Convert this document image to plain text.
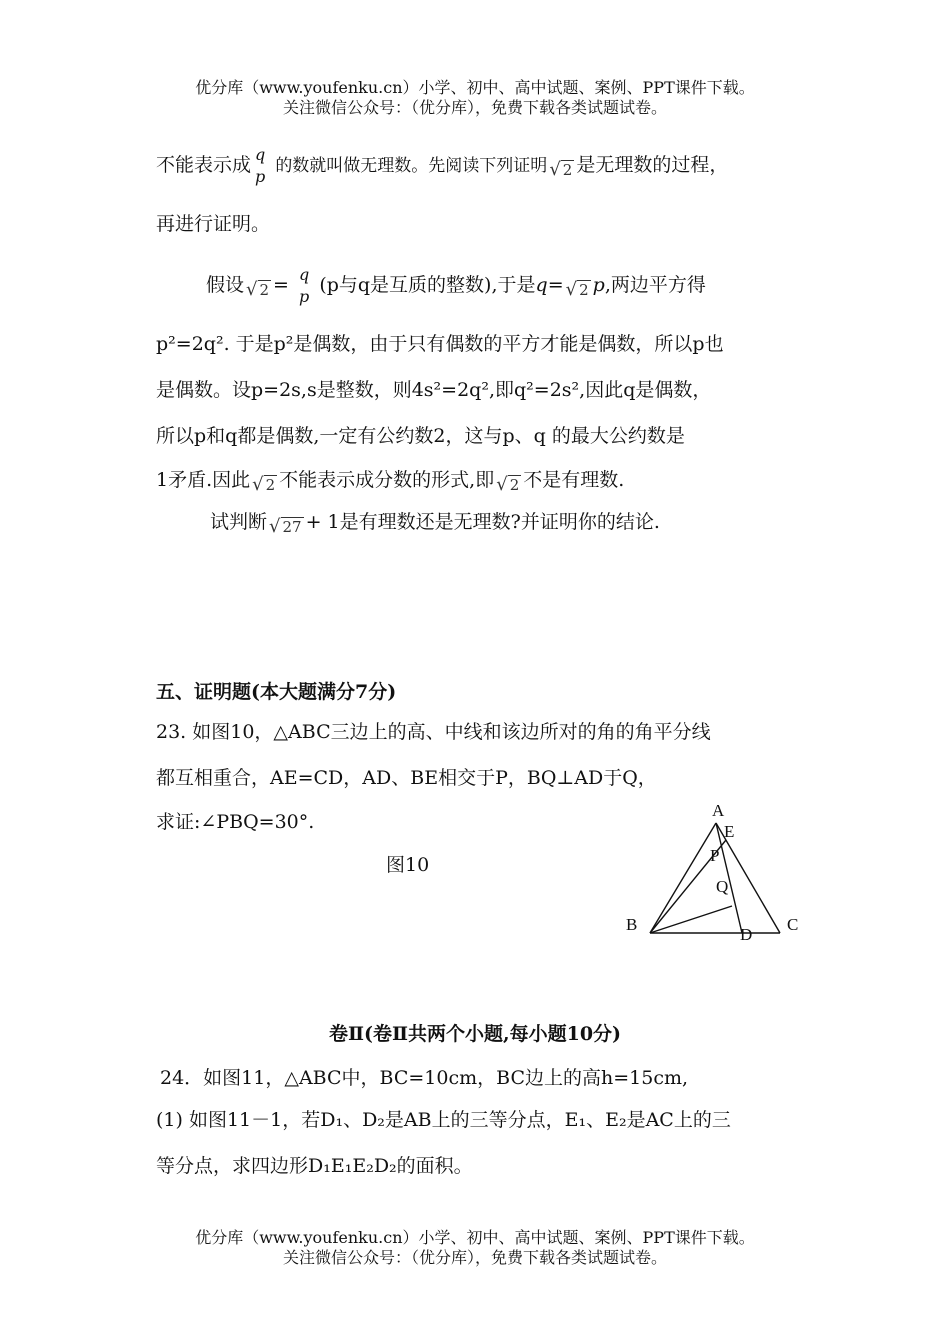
优分库（www.youfenku.cn）小学、初中、高中试题、案例、PPT课件下载。
关注微信公众号：（优分库），免费下载各类试题试卷。
不能表示成 q
p
的数就叫做无理数。先阅读下列证明 √ 2 是无理数的过程，
再进行证明。
假设 √ 2 = q
p
(p与q是互质的整数),于是q= √ 2 p,两边平方得
p²=2q². 于是p²是偶数，由于只有偶数的平方才能是偶数，所以p也
是偶数。设p=2s,s是整数，则4s²=2q²,即q²=2s²,因此q是偶数，
所以p和q都是偶数,一定有公约数2，这与p、q 的最大公约数是
1矛盾.因此 √ 2 不能表示成分数的形式,即 √ 2 不是有理数.
试判断 √ 27 + 1是有理数还是无理数?并证明你的结论.
五、证明题(本大题满分7分)
23. 如图10，△ABC三边上的高、中线和该边所对的角的角平分线
都互相重合，AE=CD，AD、BE相交于P，BQ⊥AD于Q，
求证:∠PBQ=30°.
图10
A
E
P
Q
B
D
C
卷Ⅱ(卷Ⅱ共两个小题,每小题10分)
24．如图11，△ABC中，BC=10cm，BC边上的高h=15cm,
(1) 如图11－1，若D₁、D₂是AB上的三等分点，E₁、E₂是AC上的三
等分点，求四边形D₁E₁E₂D₂的面积。
优分库（www.youfenku.cn）小学、初中、高中试题、案例、PPT课件下载。
关注微信公众号：（优分库），免费下载各类试题试卷。
